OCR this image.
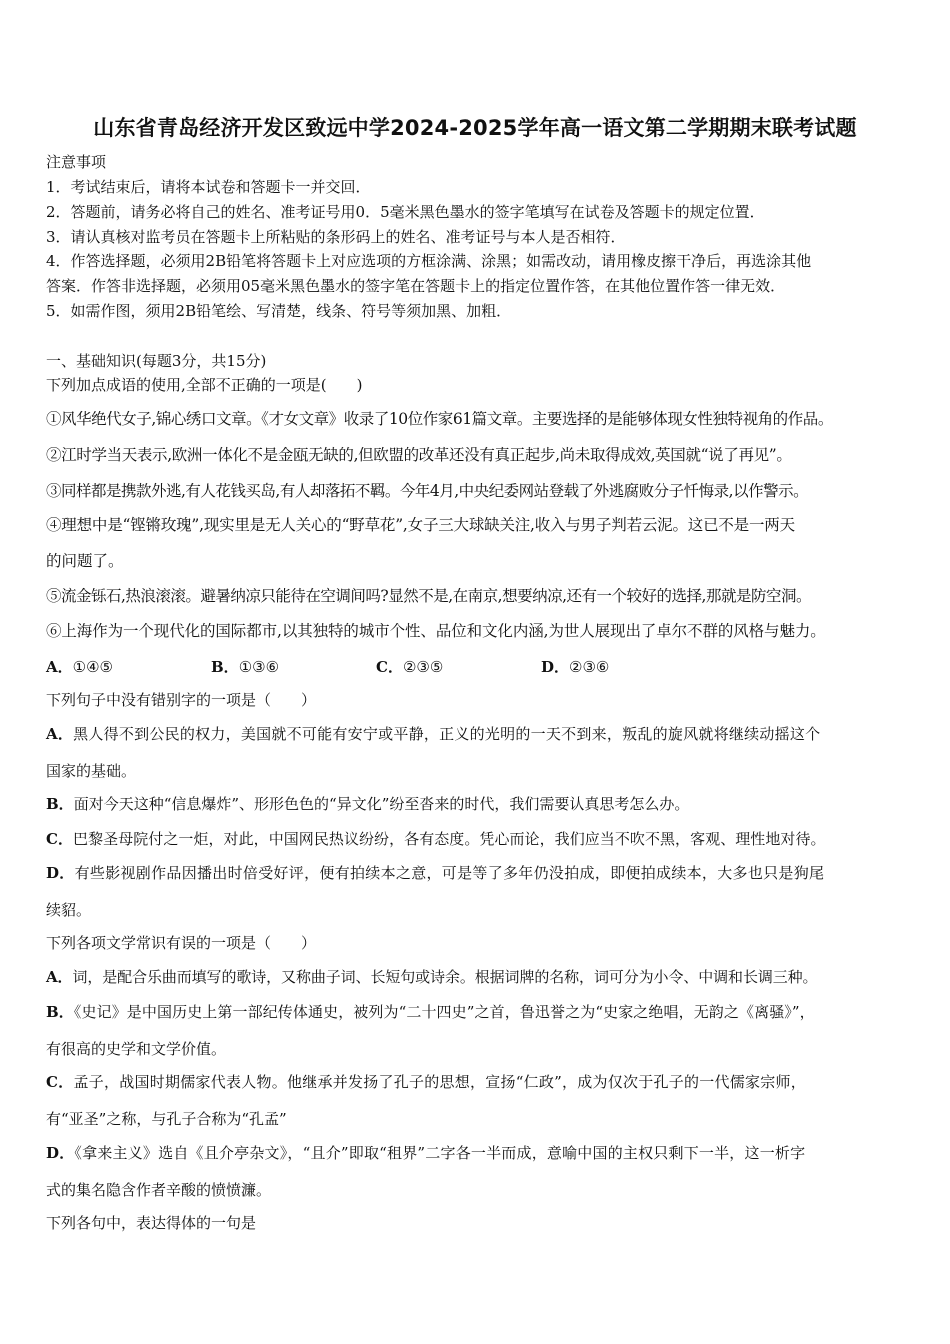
山东省青岛经济开发区致远中学2024-2025学年高一语文第二学期期末联考试题
注意事项
1．考试结束后，请将本试卷和答题卡一并交回．
2．答题前，请务必将自己的姓名、准考证号用0．5毫米黑色墨水的签字笔填写在试卷及答题卡的规定位置．
3．请认真核对监考员在答题卡上所粘贴的条形码上的姓名、准考证号与本人是否相符．
4．作答选择题，必须用2B铅笔将答题卡上对应选项的方框涂满、涂黑；如需改动，请用橡皮擦干净后，再选涂其他
答案．作答非选择题，必须用05毫米黑色墨水的签字笔在答题卡上的指定位置作答，在其他位置作答一律无效．
5．如需作图，须用2B铅笔绘、写清楚，线条、符号等须加黑、加粗．
一、基础知识(每题3分，共15分)
下列加点成语的使用,全部不正确的一项是(　　)
①风华绝代女子,锦心绣口文章。《才女文章》收录了10位作家61篇文章。主要选择的是能够体现女性独特视角的作品。
②江时学当天表示,欧洲一体化不是金瓯无缺的,但欧盟的改革还没有真正起步,尚未取得成效,英国就“说了再见”。
③同样都是携款外逃,有人花钱买岛,有人却落拓不羁。今年4月,中央纪委网站登载了外逃腐败分子忏悔录,以作警示。
④理想中是“铿锵玫瑰”,现实里是无人关心的“野草花”,女子三大球缺关注,收入与男子判若云泥。这已不是一两天
的问题了。
⑤流金铄石,热浪滚滚。避暑纳凉只能待在空调间吗?显然不是,在南京,想要纳凉,还有一个较好的选择,那就是防空洞。
⑥上海作为一个现代化的国际都市,以其独特的城市个性、品位和文化内涵,为世人展现出了卓尔不群的风格与魅力。
A．①④⑤	B．①③⑥	C．②③⑤	D．②③⑥
下列句子中没有错别字的一项是（　　）
A．黑人得不到公民的权力，美国就不可能有安宁或平静，正义的光明的一天不到来，叛乱的旋风就将继续动摇这个
国家的基础。
B．面对今天这种“信息爆炸”、形形色色的“异文化”纷至沓来的时代，我们需要认真思考怎么办。
C．巴黎圣母院付之一炬，对此，中国网民热议纷纷，各有态度。凭心而论，我们应当不吹不黑，客观、理性地对待。
D．有些影视剧作品因播出时倍受好评，便有拍续本之意，可是等了多年仍没拍成，即便拍成续本，大多也只是狗尾
续貂。
下列各项文学常识有误的一项是（　　）
A．词，是配合乐曲而填写的歌诗，又称曲子词、长短句或诗余。根据词牌的名称，词可分为小令、中调和长调三种。
B．《史记》是中国历史上第一部纪传体通史，被列为“二十四史”之首，鲁迅誉之为“史家之绝唱，无韵之《离骚》”，
有很高的史学和文学价值。
C．孟子，战国时期儒家代表人物。他继承并发扬了孔子的思想，宣扬“仁政”，成为仅次于孔子的一代儒家宗师，
有“亚圣”之称，与孔子合称为“孔孟”
D．《拿来主义》选自《且介亭杂文》，“且介”即取“租界”二字各一半而成，意喻中国的主权只剩下一半，这一析字
式的集名隐含作者辛酸的愤愤濂。
下列各句中，表达得体的一句是
